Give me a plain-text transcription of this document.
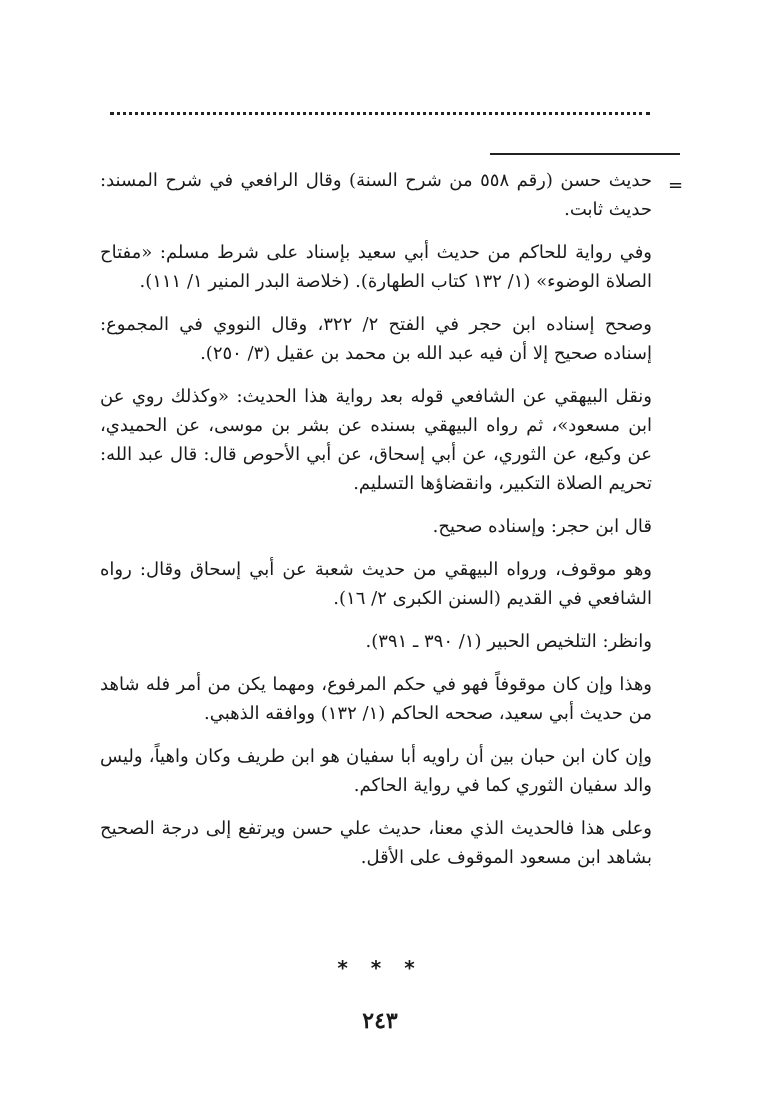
=

حديث حسن (رقم ٥٥٨ من شرح السنة) وقال الرافعي في شرح المسند: حديث ثابت.

وفي رواية للحاكم من حديث أبي سعيد بإسناد على شرط مسلم: «مفتاح الصلاة الوضوء» (١/ ١٣٢ كتاب الطهارة). (خلاصة البدر المنير ١/ ١١١).

وصحح إسناده ابن حجر في الفتح ٢/ ٣٢٢، وقال النووي في المجموع: إسناده صحيح إلا أن فيه عبد الله بن محمد بن عقيل (٣/ ٢٥٠).

ونقل البيهقي عن الشافعي قوله بعد رواية هذا الحديث: «وكذلك روي عن ابن مسعود»، ثم رواه البيهقي بسنده عن بشر بن موسى، عن الحميدي، عن وكيع، عن الثوري، عن أبي إسحاق، عن أبي الأحوص قال: قال عبد الله: تحريم الصلاة التكبير، وانقضاؤها التسليم.

قال ابن حجر: وإسناده صحيح.

وهو موقوف، ورواه البيهقي من حديث شعبة عن أبي إسحاق وقال: رواه الشافعي في القديم (السنن الكبرى ٢/ ١٦).

وانظر: التلخيص الحبير (١/ ٣٩٠ ـ ٣٩١).

وهذا وإن كان موقوفاً فهو في حكم المرفوع، ومهما يكن من أمر فله شاهد من حديث أبي سعيد، صححه الحاكم (١/ ١٣٢) ووافقه الذهبي.

وإن كان ابن حبان بين أن راويه أبا سفيان هو ابن طريف وكان واهياً، وليس والد سفيان الثوري كما في رواية الحاكم.

وعلى هذا فالحديث الذي معنا، حديث علي حسن ويرتفع إلى درجة الصحيح بشاهد ابن مسعود الموقوف على الأقل.

* * *
٢٤٣
